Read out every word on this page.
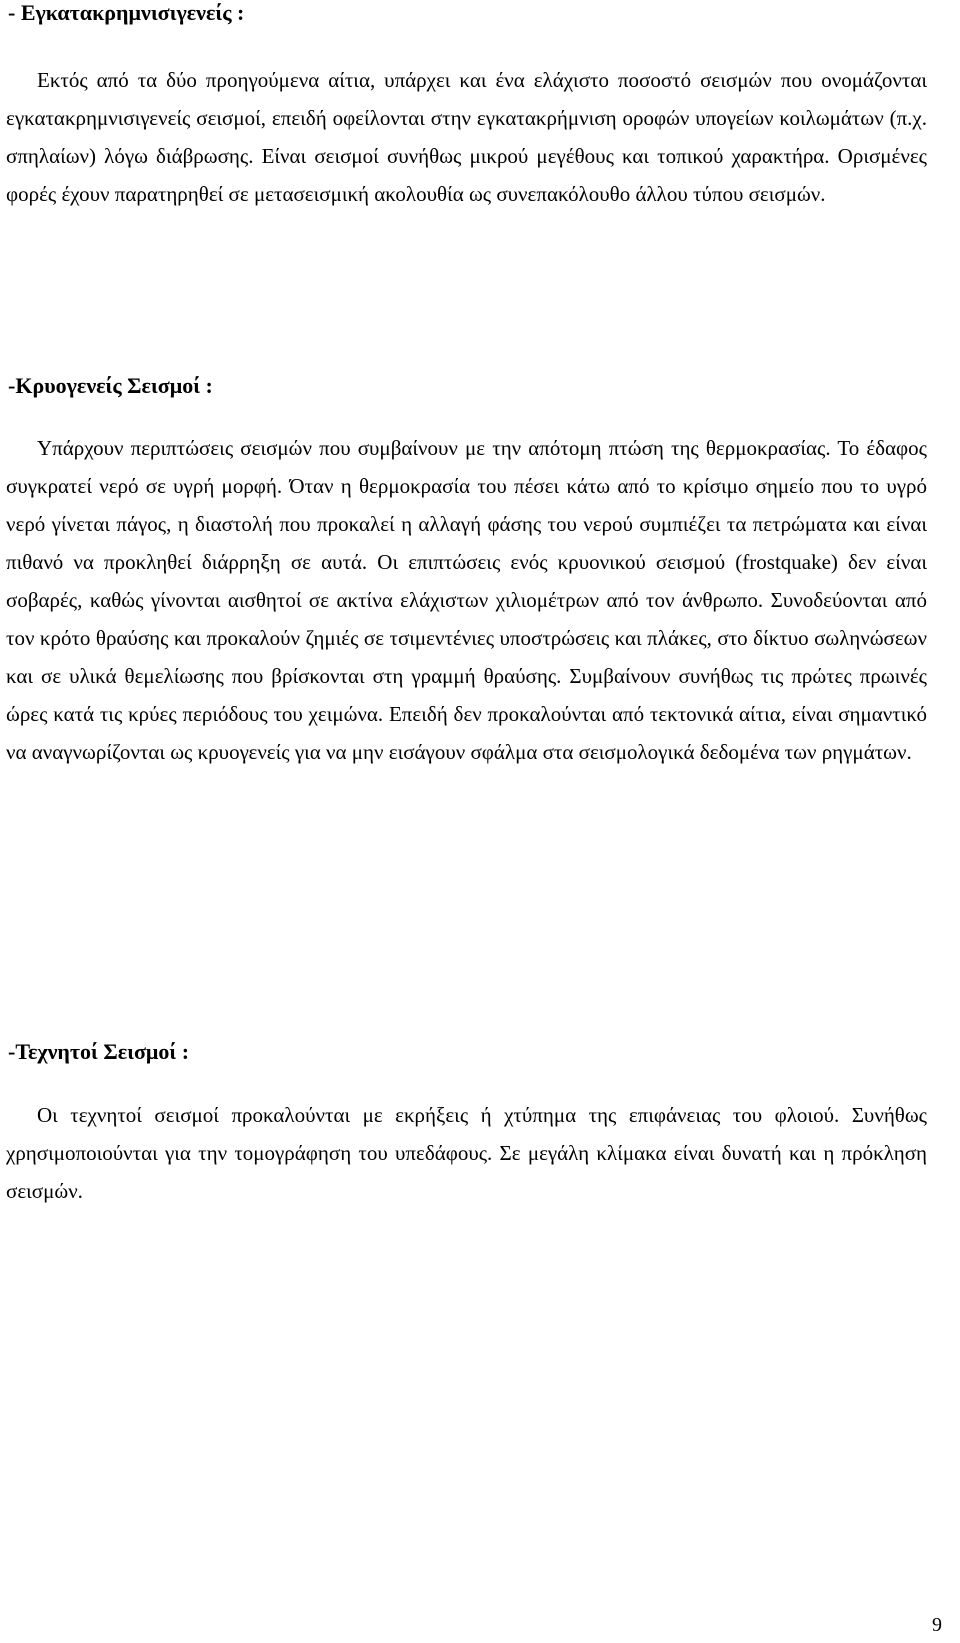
- Εγκατακρημνισιγενείς :

Εκτός από τα δύο προηγούμενα αίτια, υπάρχει και ένα ελάχιστο ποσοστό σεισμών που ονομάζονται εγκατακρημνισιγενείς σεισμοί, επειδή οφείλονται στην εγκατακρήμνιση οροφών υπογείων κοιλωμάτων (π.χ. σπηλαίων) λόγω διάβρωσης. Είναι σεισμοί συνήθως μικρού μεγέθους και τοπικού χαρακτήρα. Ορισμένες φορές έχουν παρατηρηθεί σε μετασεισμική ακολουθία ως συνεπακόλουθο άλλου τύπου σεισμών.

-Κρυογενείς Σεισμοί :

Υπάρχουν περιπτώσεις σεισμών που συμβαίνουν με την απότομη πτώση της θερμοκρασίας. Το έδαφος συγκρατεί νερό σε υγρή μορφή. Όταν η θερμοκρασία του πέσει κάτω από το κρίσιμο σημείο που το υγρό νερό γίνεται πάγος, η διαστολή που προκαλεί η αλλαγή φάσης του νερού συμπιέζει τα πετρώματα και είναι πιθανό να προκληθεί διάρρηξη σε αυτά. Οι επιπτώσεις ενός κρυονικού σεισμού (frostquake) δεν είναι σοβαρές, καθώς γίνονται αισθητοί σε ακτίνα ελάχιστων χιλιομέτρων από τον άνθρωπο. Συνοδεύονται από τον κρότο θραύσης και προκαλούν ζημιές σε τσιμεντένιες υποστρώσεις και πλάκες, στο δίκτυο σωληνώσεων και σε υλικά θεμελίωσης που βρίσκονται στη γραμμή θραύσης. Συμβαίνουν συνήθως τις πρώτες πρωινές ώρες κατά τις κρύες περιόδους του χειμώνα. Επειδή δεν προκαλούνται από τεκτονικά αίτια, είναι σημαντικό να αναγνωρίζονται ως κρυογενείς για να μην εισάγουν σφάλμα στα σεισμολογικά δεδομένα των ρηγμάτων.

-Τεχνητοί Σεισμοί :

Οι τεχνητοί σεισμοί προκαλούνται με εκρήξεις ή χτύπημα της επιφάνειας του φλοιού. Συνήθως χρησιμοποιούνται για την τομογράφηση του υπεδάφους. Σε μεγάλη κλίμακα είναι δυνατή και η πρόκληση σεισμών.

9
